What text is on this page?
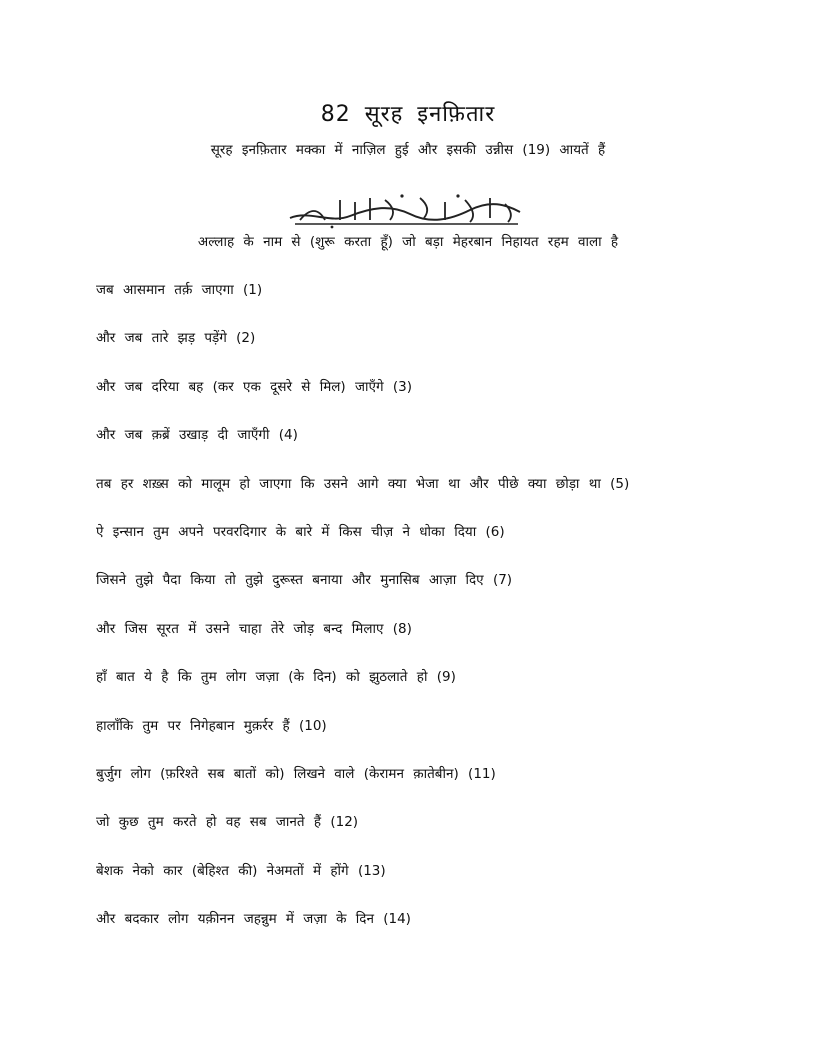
82 सूरह इनफ़ितार
सूरह इनफ़ितार मक्का में नाज़िल हुई और इसकी उन्नीस (19) आयतें हैं
अल्लाह के नाम से (शुरू करता हूँ) जो बड़ा मेहरबान निहायत रहम वाला है
जब आसमान तर्क़ जाएगा (1)
और जब तारे झड़ पड़ेंगे (2)
और जब दरिया बह (कर एक दूसरे से मिल) जाएँगे (3)
और जब क़ब्रें उखाड़ दी जाएँगी (4)
तब हर शख़्स को मालूम हो जाएगा कि उसने आगे क्या भेजा था और पीछे क्या छोड़ा था (5)
ऐ इन्सान तुम अपने परवरदिगार के बारे में किस चीज़ ने धोका दिया (6)
जिसने तुझे पैदा किया तो तुझे दुरूस्त बनाया और मुनासिब आज़ा दिए (7)
और जिस सूरत में उसने चाहा तेरे जोड़ बन्द मिलाए (8)
हाँ बात ये है कि तुम लोग जज़ा (के दिन) को झुठलाते हो (9)
हालाँकि तुम पर निगेहबान मुक़र्रर हैं (10)
बुर्जुग लोग (फ़रिश्ते सब बातों को) लिखने वाले (केरामन क़ातेबीन) (11)
जो कुछ तुम करते हो वह सब जानते हैं (12)
बेशक नेको कार (बेहिश्त की) नेअमतों में होंगे (13)
और बदकार लोग यक़ीनन जहन्नुम में जज़ा के दिन (14)
